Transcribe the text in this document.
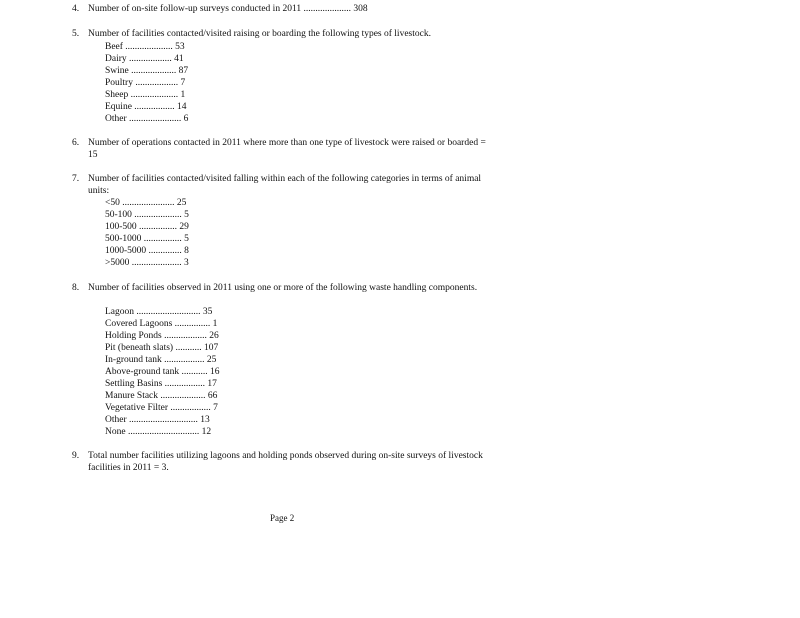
4. Number of on-site follow-up surveys conducted in 2011 .................... 308
5. Number of facilities contacted/visited raising or boarding the following types of livestock.
Beef .................... 53
Dairy .................. 41
Swine ................... 87
Poultry .................. 7
Sheep .................... 1
Equine ................. 14
Other ...................... 6
6. Number of operations contacted in 2011 where more than one type of livestock were raised or boarded = 15
7. Number of facilities contacted/visited falling within each of the following categories in terms of animal units:
<50 ...................... 25
50-100 .................... 5
100-500 ................ 29
500-1000 ................ 5
1000-5000 .............. 8
>5000 ..................... 3
8. Number of facilities observed in 2011 using one or more of the following waste handling components.
Lagoon ........................... 35
Covered Lagoons ............... 1
Holding Ponds .................. 26
Pit (beneath slats) ........... 107
In-ground tank ................. 25
Above-ground tank ........... 16
Settling Basins ................. 17
Manure Stack ................... 66
Vegetative Filter ................. 7
Other ............................. 13
None .............................. 12
9. Total number facilities utilizing lagoons and holding ponds observed during on-site surveys of livestock facilities in 2011 = 3.
Page 2
